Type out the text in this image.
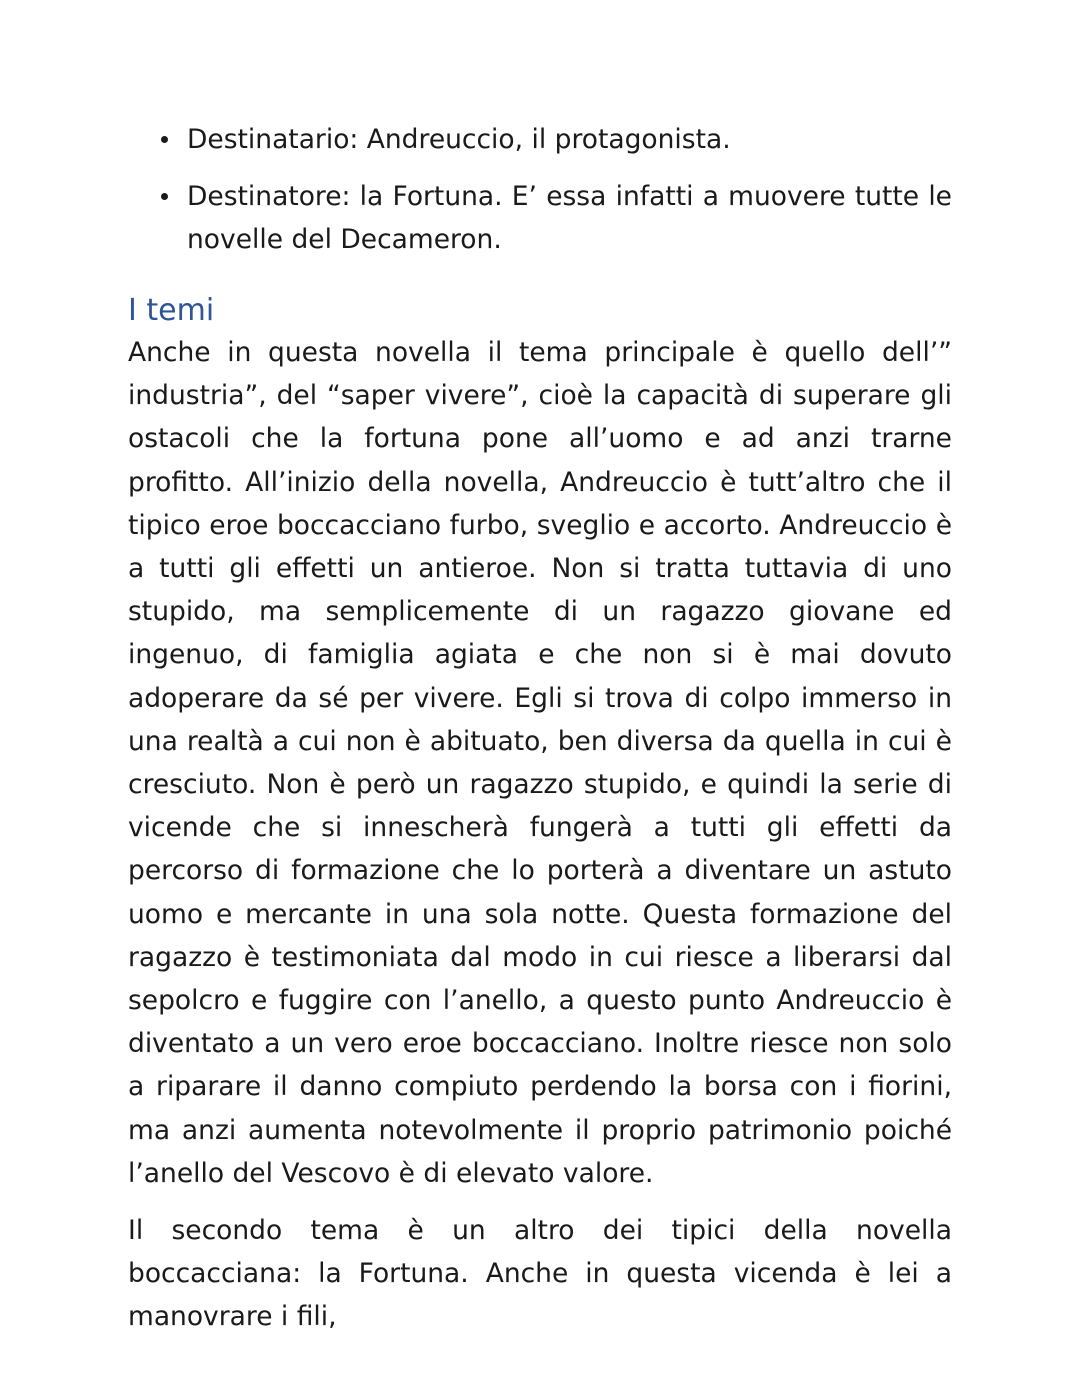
Destinatario: Andreuccio, il protagonista.
Destinatore: la Fortuna. E’ essa infatti a muovere tutte le novelle del Decameron.
I temi

Anche in questa novella il tema principale è quello dell’” industria”, del “saper vivere”, cioè la capacità di superare gli ostacoli che la fortuna pone all’uomo e ad anzi trarne profitto. All’inizio della novella, Andreuccio è tutt’altro che il tipico eroe boccacciano furbo, sveglio e accorto. Andreuccio è a tutti gli effetti un antieroe. Non si tratta tuttavia di uno stupido, ma semplicemente di un ragazzo giovane ed ingenuo, di famiglia agiata e che non si è mai dovuto adoperare da sé per vivere. Egli si trova di colpo immerso in una realtà a cui non è abituato, ben diversa da quella in cui è cresciuto. Non è però un ragazzo stupido, e quindi la serie di vicende che si innescherà fungerà a tutti gli effetti da percorso di formazione che lo porterà a diventare un astuto uomo e mercante in una sola notte. Questa formazione del ragazzo è testimoniata dal modo in cui riesce a liberarsi dal sepolcro e fuggire con l’anello, a questo punto Andreuccio è diventato a un vero eroe boccacciano. Inoltre riesce non solo a riparare il danno compiuto perdendo la borsa con i fiorini, ma anzi aumenta notevolmente il proprio patrimonio poiché l’anello del Vescovo è di elevato valore.

Il secondo tema è un altro dei tipici della novella boccacciana: la Fortuna. Anche in questa vicenda è lei a manovrare i fili,
